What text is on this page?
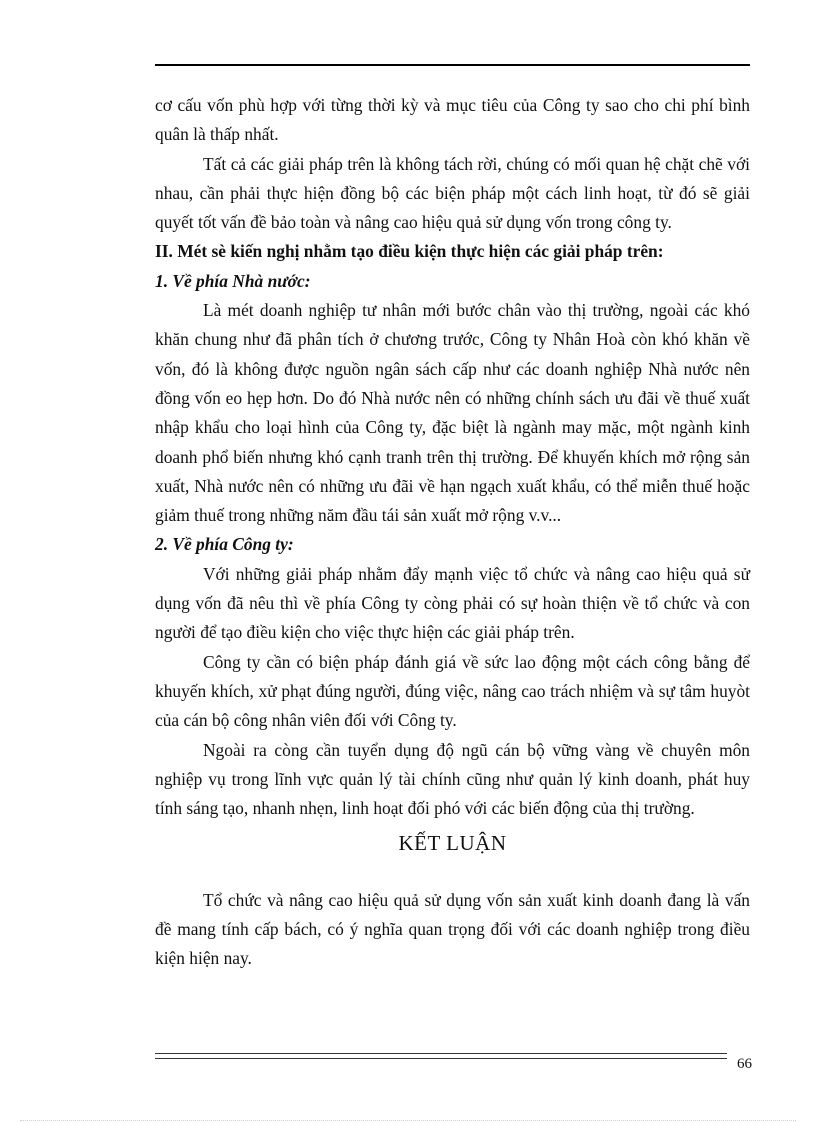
cơ cấu vốn phù hợp với từng thời kỳ và mục tiêu của Công ty sao cho chi phí bình quân là thấp nhất.

Tất cả các giải pháp trên là không tách rời, chúng có mối quan hệ chặt chẽ với nhau, cần phải thực hiện đồng bộ các biện pháp một cách linh hoạt, từ đó sẽ giải quyết tốt vấn đề bảo toàn và nâng cao hiệu quả sử dụng vốn trong công ty.

II. Mét sè kiến nghị nhằm tạo điều kiện thực hiện các giải pháp trên:

1. Về phía Nhà nước:

Là mét doanh nghiệp tư nhân mới bước chân vào thị trường, ngoài các khó khăn chung như đã phân tích ở chương trước, Công ty Nhân Hoà còn khó khăn về vốn, đó là không được nguồn ngân sách cấp như các doanh nghiệp Nhà nước nên đồng vốn eo hẹp hơn. Do đó Nhà nước nên có những chính sách ưu đãi về thuế xuất nhập khẩu cho loại hình của Công ty, đặc biệt là ngành may mặc, một ngành kinh doanh phổ biến nhưng khó cạnh tranh trên thị trường. Để khuyến khích mở rộng sản xuất, Nhà nước nên có những ưu đãi về hạn ngạch xuất khẩu, có thể miễn thuế hoặc giảm thuế trong những năm đầu tái sản xuất mở rộng v.v...

2. Về phía Công ty:

Với những giải pháp nhằm đẩy mạnh việc tổ chức và nâng cao hiệu quả sử dụng vốn đã nêu thì về phía Công ty còng phải có sự hoàn thiện về tổ chức và con người để tạo điều kiện cho việc thực hiện các giải pháp trên.

Công ty cần có biện pháp đánh giá về sức lao động một cách công bằng để khuyến khích, xử phạt đúng người, đúng việc, nâng cao trách nhiệm và sự tâm huyòt của cán bộ công nhân viên đối với Công ty.

Ngoài ra còng cần tuyển dụng độ ngũ cán bộ vững vàng về chuyên môn nghiệp vụ trong lĩnh vực quản lý tài chính cũng như quản lý kinh doanh, phát huy tính sáng tạo, nhanh nhẹn, linh hoạt đối phó với các biến động của thị trường.

KẾT LUẬN

Tổ chức và nâng cao hiệu quả sử dụng vốn sản xuất kinh doanh đang là vấn đề mang tính cấp bách, có ý nghĩa quan trọng đối với các doanh nghiệp trong điều kiện hiện nay.

66
